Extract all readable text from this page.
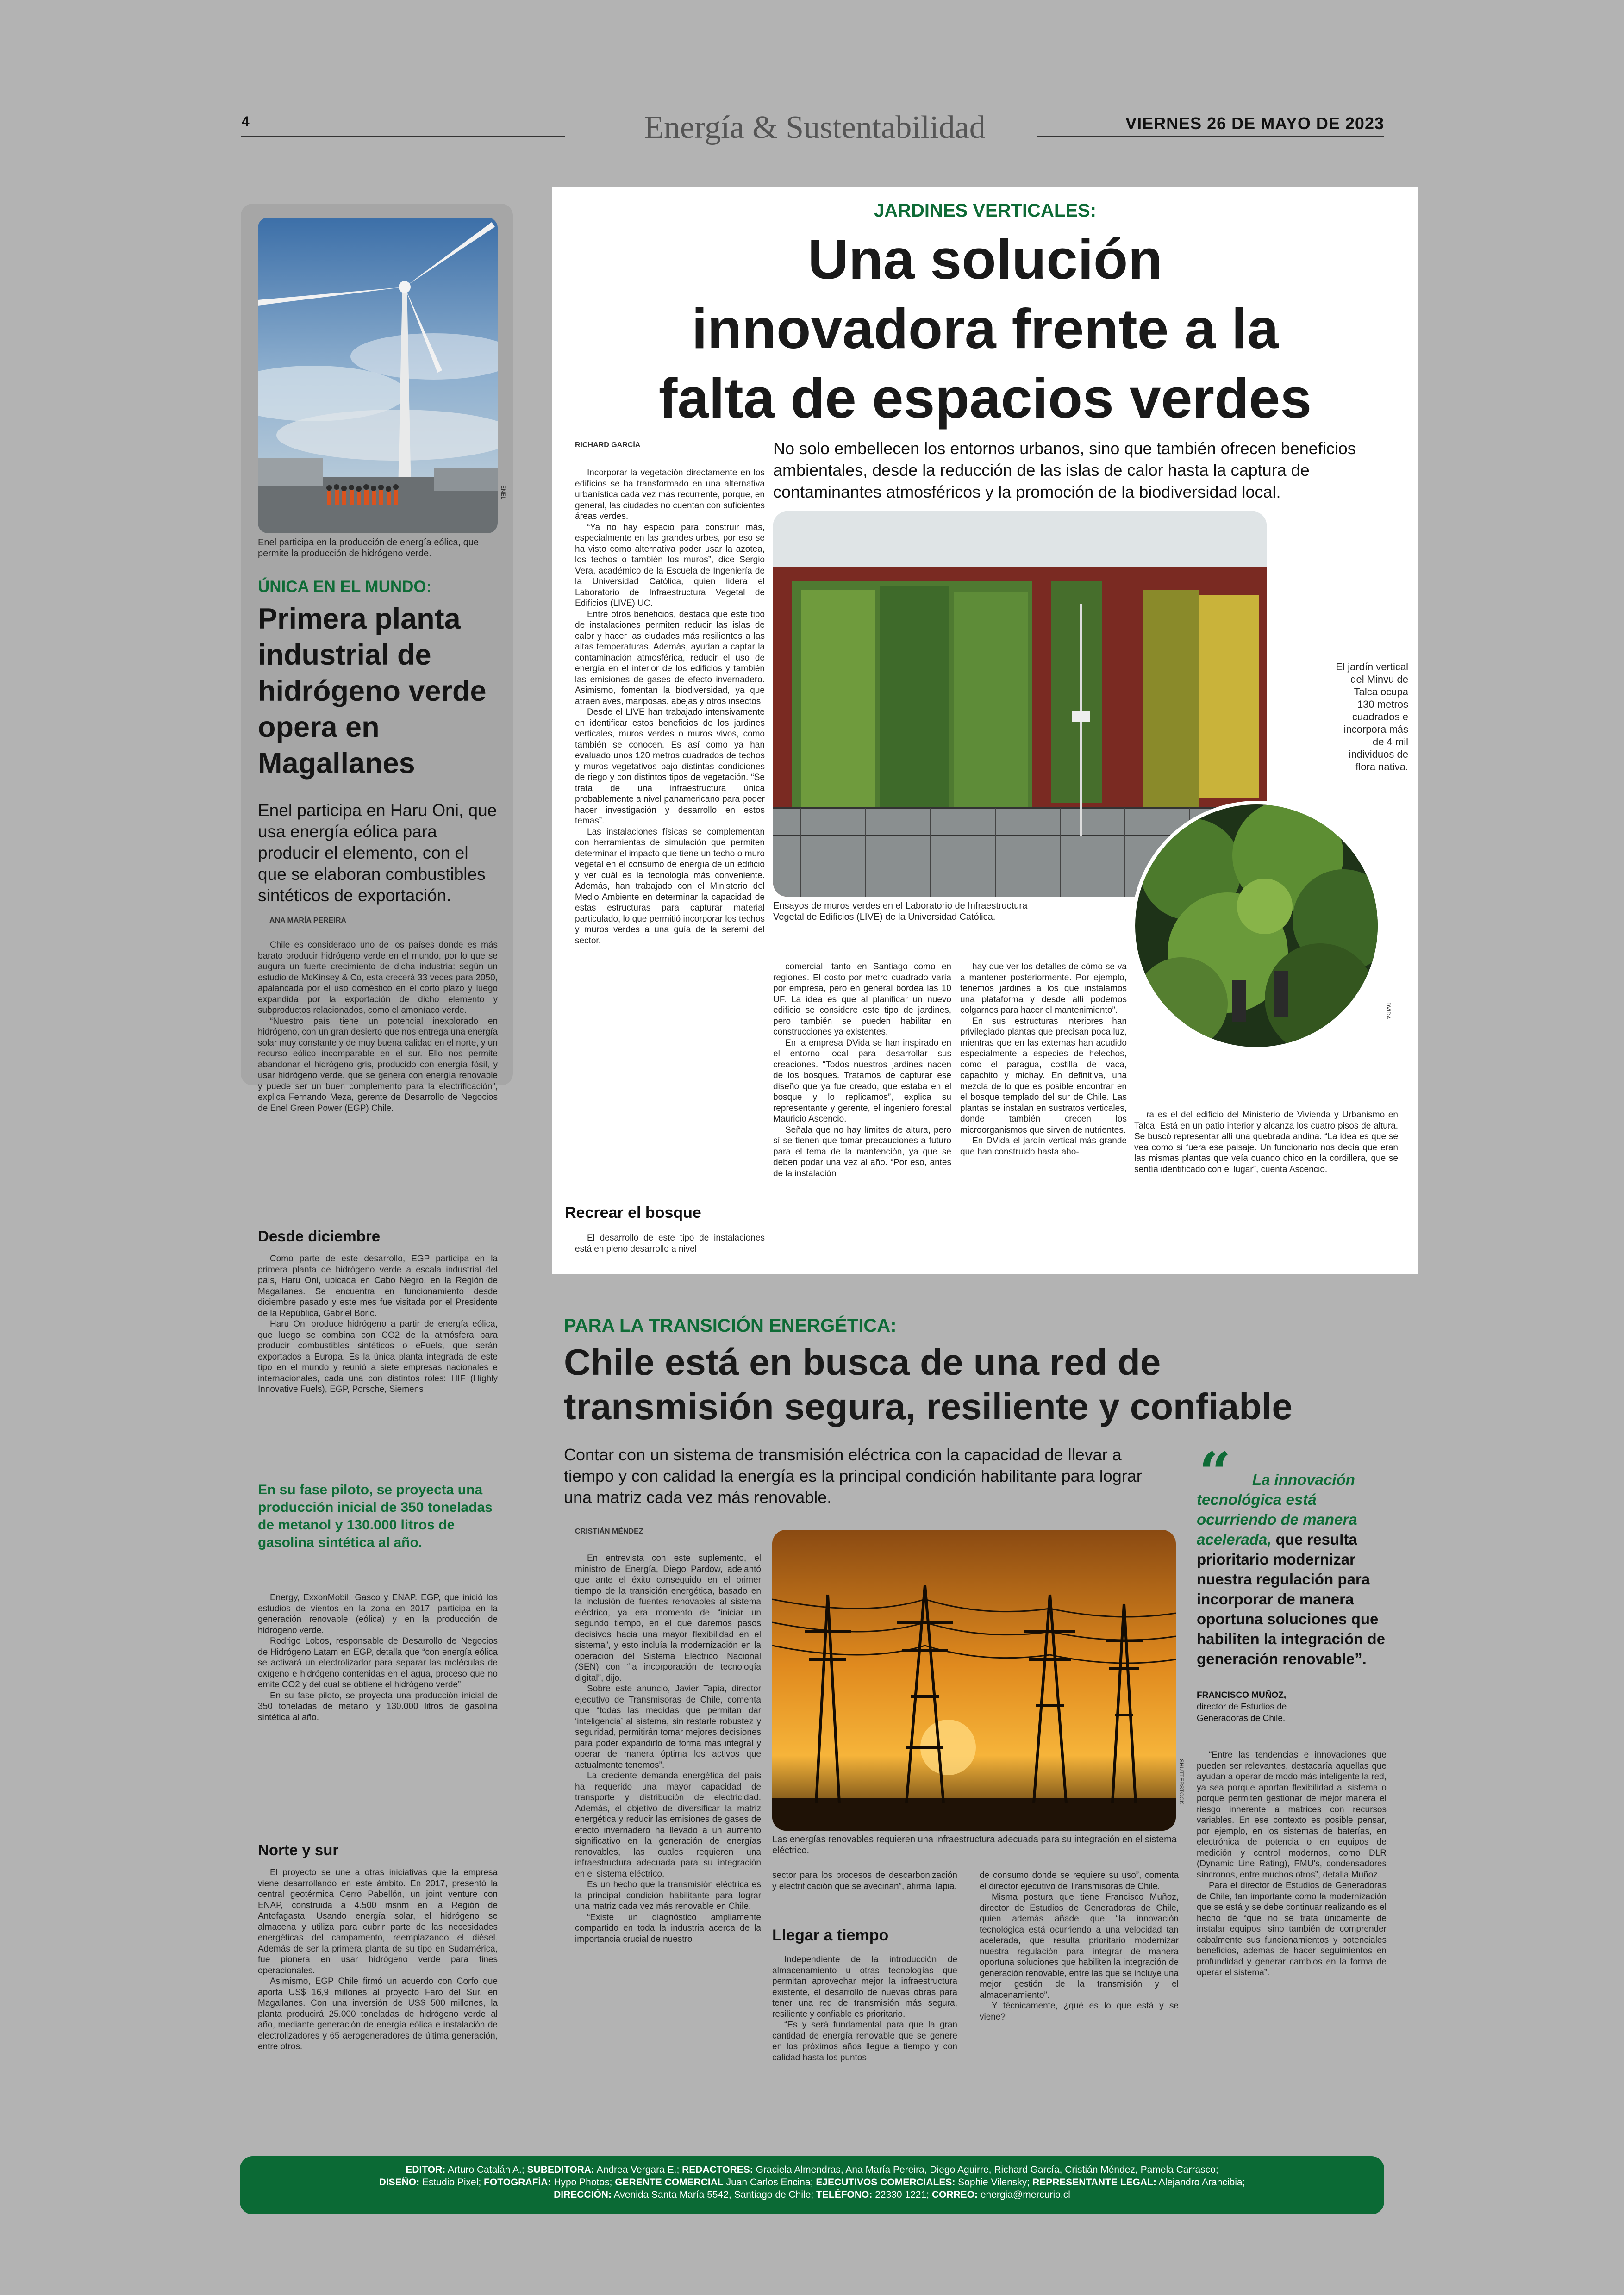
4	Energía & Sustentabilidad	VIERNES 26 DE MAYO DE 2023
ENEL
Enel participa en la producción de energía eólica, que permite la producción de hidrógeno verde.
ÚNICA EN EL MUNDO:
Primera planta industrial de hidrógeno verde opera en Magallanes
Enel participa en Haru Oni, que usa energía eólica para producir el elemento, con el que se elaboran combustibles sintéticos de exportación.
ANA MARÍA PEREIRA

Chile es considerado uno de los países donde es más barato producir hidrógeno verde en el mundo, por lo que se augura un fuerte crecimiento de dicha industria: según un estudio de McKinsey & Co, esta crecerá 33 veces para 2050, apalancada por el uso doméstico en el corto plazo y luego expandida por la exportación de dicho elemento y subproductos relacionados, como el amoníaco verde.

“Nuestro país tiene un potencial inexplorado en hidrógeno, con un gran desierto que nos entrega una energía solar muy constante y de muy buena calidad en el norte, y un recurso eólico incomparable en el sur. Ello nos permite abandonar el hidrógeno gris, producido con energía fósil, y usar hidrógeno verde, que se genera con energía renovable y puede ser un buen complemento para la electrificación”, explica Fernando Meza, gerente de Desarrollo de Negocios de Enel Green Power (EGP) Chile.

Desde diciembre

Como parte de este desarrollo, EGP participa en la primera planta de hidrógeno verde a escala industrial del país, Haru Oni, ubicada en Cabo Negro, en la Región de Magallanes. Se encuentra en funcionamiento desde diciembre pasado y este mes fue visitada por el Presidente de la República, Gabriel Boric.

Haru Oni produce hidrógeno a partir de energía eólica, que luego se combina con CO2 de la atmósfera para producir combustibles sintéticos o eFuels, que serán exportados a Europa. Es la única planta integrada de este tipo en el mundo y reunió a siete empresas nacionales e internacionales, cada una con distintos roles: HIF (Highly Innovative Fuels), EGP, Porsche, Siemens

En su fase piloto, se proyecta una producción inicial de 350 toneladas de metanol y 130.000 litros de gasolina sintética al año.

Energy, ExxonMobil, Gasco y ENAP. EGP, que inició los estudios de vientos en la zona en 2017, participa en la generación renovable (eólica) y en la producción de hidrógeno verde.

Rodrigo Lobos, responsable de Desarrollo de Negocios de Hidrógeno Latam en EGP, detalla que “con energía eólica se activará un electrolizador para separar las moléculas de oxígeno e hidrógeno contenidas en el agua, proceso que no emite CO2 y del cual se obtiene el hidrógeno verde”.

En su fase piloto, se proyecta una producción inicial de 350 toneladas de metanol y 130.000 litros de gasolina sintética al año.

Norte y sur

El proyecto se une a otras iniciativas que la empresa viene desarrollando en este ámbito. En 2017, presentó la central geotérmica Cerro Pabellón, un joint venture con ENAP, construida a 4.500 msnm en la Región de Antofagasta. Usando energía solar, el hidrógeno se almacena y utiliza para cubrir parte de las necesidades energéticas del campamento, reemplazando el diésel. Además de ser la primera planta de su tipo en Sudamérica, fue pionera en usar hidrógeno verde para fines operacionales.

Asimismo, EGP Chile firmó un acuerdo con Corfo que aporta US$ 16,9 millones al proyecto Faro del Sur, en Magallanes. Con una inversión de US$ 500 millones, la planta producirá 25.000 toneladas de hidrógeno verde al año, mediante generación de energía eólica e instalación de electrolizadores y 65 aerogeneradores de última generación, entre otros.

JARDINES VERTICALES:
Una solución
innovadora frente a la
falta de espacios verdes
RICHARD GARCÍA	No solo embellecen los entornos urbanos, sino que también ofrecen beneficios ambientales, desde la reducción de las islas de calor hasta la captura de contaminantes atmosféricos y la promoción de la biodiversidad local.

Incorporar la vegetación directamente en los edificios se ha transformado en una alternativa urbanística cada vez más recurrente, porque, en general, las ciudades no cuentan con suficientes áreas verdes.

“Ya no hay espacio para construir más, especialmente en las grandes urbes, por eso se ha visto como alternativa poder usar la azotea, los techos o también los muros”, dice Sergio Vera, académico de la Escuela de Ingeniería de la Universidad Católica, quien lidera el Laboratorio de Infraestructura Vegetal de Edificios (LIVE) UC.

Entre otros beneficios, destaca que este tipo de instalaciones permiten reducir las islas de calor y hacer las ciudades más resilientes a las altas temperaturas. Además, ayudan a captar la contaminación atmosférica, reducir el uso de energía en el interior de los edificios y también las emisiones de gases de efecto invernadero. Asimismo, fomentan la biodiversidad, ya que atraen aves, mariposas, abejas y otros insectos.

Desde el LIVE han trabajado intensivamente en identificar estos beneficios de los jardines verticales, muros verdes o muros vivos, como también se conocen. Es así como ya han evaluado unos 120 metros cuadrados de techos y muros vegetativos bajo distintas condiciones de riego y con distintos tipos de vegetación. “Se trata de una infraestructura única probablemente a nivel panamericano para poder hacer investigación y desarrollo en estos temas”.

Las instalaciones físicas se complementan con herramientas de simulación que permiten determinar el impacto que tiene un techo o muro vegetal en el consumo de energía de un edificio y ver cuál es la tecnología más conveniente. Además, han trabajado con el Ministerio del Medio Ambiente en determinar la capacidad de estas estructuras para capturar material particulado, lo que permitió incorporar los techos y muros verdes a una guía de la seremi del sector.

Recrear el bosque

El desarrollo de este tipo de instalaciones está en pleno desarrollo a nivel

Ensayos de muros verdes en el Laboratorio de Infraestructura Vegetal de Edificios (LIVE) de la Universidad Católica.
El jardín vertical del Minvu de Talca ocupa 130 metros cuadrados e incorpora más de 4 mil individuos de flora nativa.
DVIDA

comercial, tanto en Santiago como en regiones. El costo por metro cuadrado varía por empresa, pero en general bordea las 10 UF. La idea es que al planificar un nuevo edificio se considere este tipo de jardines, pero también se pueden habilitar en construcciones ya existentes.

En la empresa DVida se han inspirado en el entorno local para desarrollar sus creaciones. “Todos nuestros jardines nacen de los bosques. Tratamos de capturar ese diseño que ya fue creado, que estaba en el bosque y lo replicamos”, explica su representante y gerente, el ingeniero forestal Mauricio Ascencio.

Señala que no hay límites de altura, pero sí se tienen que tomar precauciones a futuro para el tema de la mantención, ya que se deben podar una vez al año. “Por eso, antes de la instalación

hay que ver los detalles de cómo se va a mantener posteriormente. Por ejemplo, tenemos jardines a los que instalamos una plataforma y desde allí podemos colgarnos para hacer el mantenimiento”.

En sus estructuras interiores han privilegiado plantas que precisan poca luz, mientras que en las externas han acudido especialmente a especies de helechos, como el paragua, costilla de vaca, capachito y michay. En definitiva, una mezcla de lo que es posible encontrar en el bosque templado del sur de Chile. Las plantas se instalan en sustratos verticales, donde también crecen los microorganismos que sirven de nutrientes.

En DVida el jardín vertical más grande que han construido hasta aho-

ra es el del edificio del Ministerio de Vivienda y Urbanismo en Talca. Está en un patio interior y alcanza los cuatro pisos de altura. Se buscó representar allí una quebrada andina. “La idea es que se vea como si fuera ese paisaje. Un funcionario nos decía que eran las mismas plantas que veía cuando chico en la cordillera, que se sentía identificado con el lugar”, cuenta Ascencio.

PARA LA TRANSICIÓN ENERGÉTICA:
Chile está en busca de una red de
transmisión segura, resiliente y confiable
Contar con un sistema de transmisión eléctrica con la capacidad de llevar a tiempo y con calidad la energía es la principal condición habilitante para lograr una matriz cada vez más renovable.
CRISTIÁN MÉNDEZ

En entrevista con este suplemento, el ministro de Energía, Diego Pardow, adelantó que ante el éxito conseguido en el primer tiempo de la transición energética, basado en la inclusión de fuentes renovables al sistema eléctrico, ya era momento de “iniciar un segundo tiempo, en el que daremos pasos decisivos hacia una mayor flexibilidad en el sistema”, y esto incluía la modernización en la operación del Sistema Eléctrico Nacional (SEN) con “la incorporación de tecnología digital”, dijo.

Sobre este anuncio, Javier Tapia, director ejecutivo de Transmisoras de Chile, comenta que “todas las medidas que permitan dar ‘inteligencia’ al sistema, sin restarle robustez y seguridad, permitirán tomar mejores decisiones para poder expandirlo de forma más integral y operar de manera óptima los activos que actualmente tenemos”.

La creciente demanda energética del país ha requerido una mayor capacidad de transporte y distribución de electricidad. Además, el objetivo de diversificar la matriz energética y reducir las emisiones de gases de efecto invernadero ha llevado a un aumento significativo en la generación de energías renovables, las cuales requieren una infraestructura adecuada para su integración en el sistema eléctrico.

Es un hecho que la transmisión eléctrica es la principal condición habilitante para lograr una matriz cada vez más renovable en Chile.

“Existe un diagnóstico ampliamente compartido en toda la industria acerca de la importancia crucial de nuestro

SHUTTERSTOCK
Las energías renovables requieren una infraestructura adecuada para su integración en el sistema eléctrico.

sector para los procesos de descarbonización y electrificación que se avecinan”, afirma Tapia.

Llegar a tiempo

Independiente de la introducción de almacenamiento u otras tecnologías que permitan aprovechar mejor la infraestructura existente, el desarrollo de nuevas obras para tener una red de transmisión más segura, resiliente y confiable es prioritario.

“Es y será fundamental para que la gran cantidad de energía renovable que se genere en los próximos años llegue a tiempo y con calidad hasta los puntos

de consumo donde se requiere su uso”, comenta el director ejecutivo de Transmisoras de Chile.

Misma postura que tiene Francisco Muñoz, director de Estudios de Generadoras de Chile, quien además añade que “la innovación tecnológica está ocurriendo a una velocidad tan acelerada, que resulta prioritario modernizar nuestra regulación para integrar de manera oportuna soluciones que habiliten la integración de generación renovable, entre las que se incluye una mejor gestión de la transmisión y el almacenamiento”.

Y técnicamente, ¿qué es lo que está y se viene?

“	La innovación tecnológica está ocurriendo de manera acelerada, que resulta prioritario modernizar nuestra regulación para incorporar de manera oportuna soluciones que habiliten la integración de generación renovable”.
FRANCISCO MUÑOZ,
director de Estudios de Generadoras de Chile.

“Entre las tendencias e innovaciones que pueden ser relevantes, destacaría aquellas que ayudan a operar de modo más inteligente la red, ya sea porque aportan flexibilidad al sistema o porque permiten gestionar de mejor manera el riesgo inherente a matrices con recursos variables. En ese contexto es posible pensar, por ejemplo, en los sistemas de baterías, en electrónica de potencia o en equipos de medición y control modernos, como DLR (Dynamic Line Rating), PMU's, condensadores síncronos, entre muchos otros”, detalla Muñoz.

Para el director de Estudios de Generadoras de Chile, tan importante como la modernización que se está y se debe continuar realizando es el hecho de “que no se trata únicamente de instalar equipos, sino también de comprender cabalmente sus funcionamientos y potenciales beneficios, además de hacer seguimientos en profundidad y generar cambios en la forma de operar el sistema”.

EDITOR: Arturo Catalán A.; SUBEDITORA: Andrea Vergara E.; REDACTORES: Graciela Almendras, Ana María Pereira, Diego Aguirre, Richard García, Cristián Méndez, Pamela Carrasco;
DISEÑO: Estudio Pixel; FOTOGRAFÍA: Hypo Photos; GERENTE COMERCIAL Juan Carlos Encina; EJECUTIVOS COMERCIALES: Sophie Vilensky; REPRESENTANTE LEGAL: Alejandro Arancibia;
DIRECCIÓN: Avenida Santa María 5542, Santiago de Chile; TELÉFONO: 22330 1221; CORREO: energia@mercurio.cl
